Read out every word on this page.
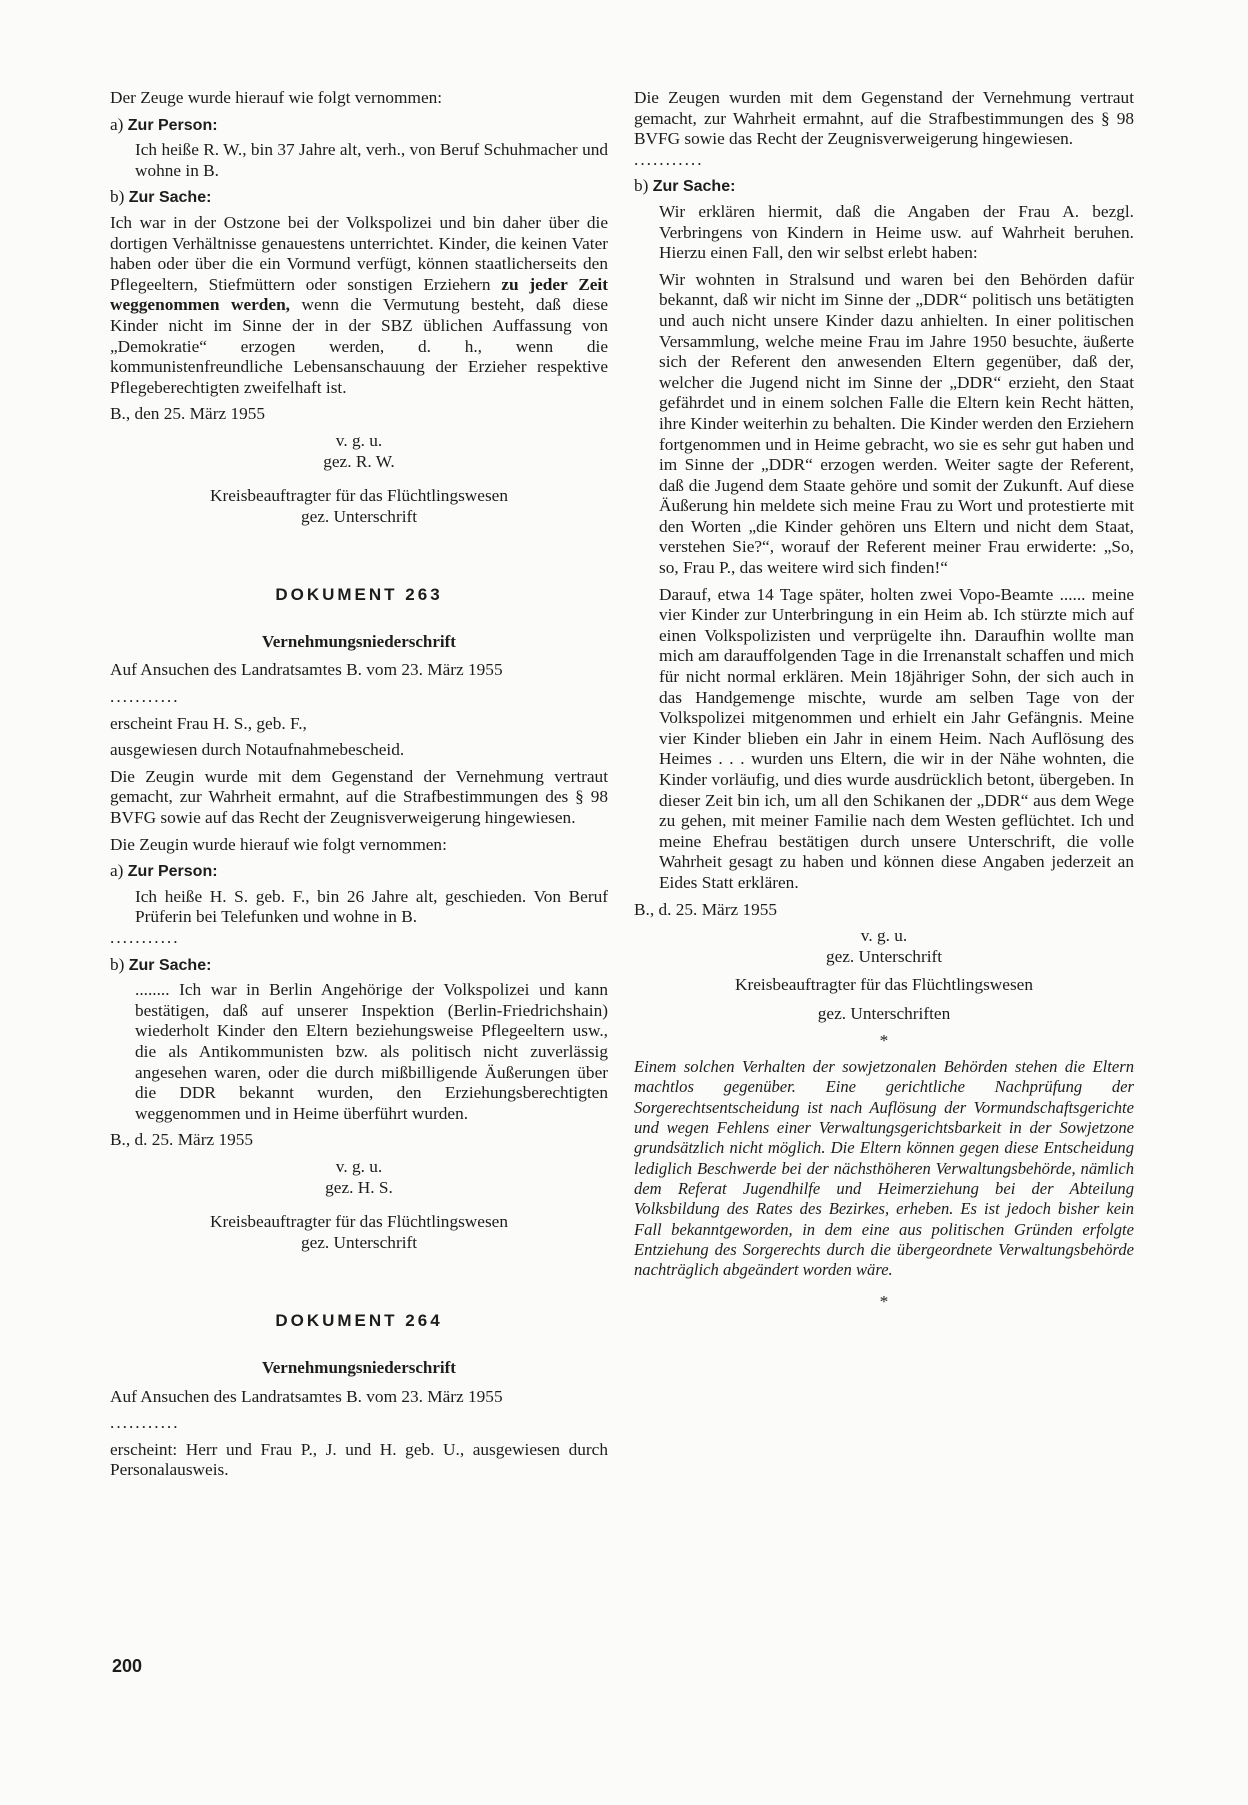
Der Zeuge wurde hierauf wie folgt vernommen:

a) Zur Person:

Ich heiße R. W., bin 37 Jahre alt, verh., von Beruf Schuhmacher und wohne in B.

b) Zur Sache:

Ich war in der Ostzone bei der Volkspolizei und bin daher über die dortigen Verhältnisse genauestens unterrichtet. Kinder, die keinen Vater haben oder über die ein Vormund verfügt, können staatlicherseits den Pflegeeltern, Stiefmüttern oder sonstigen Erziehern zu jeder Zeit weggenommen werden, wenn die Vermutung besteht, daß diese Kinder nicht im Sinne der in der SBZ üblichen Auffassung von „Demokratie“ erzogen werden, d. h., wenn die kommunistenfreundliche Lebensanschauung der Erzieher respektive Pflegeberechtigten zweifelhaft ist.

B., den 25. März 1955

v. g. u.

gez. R. W.

Kreisbeauftragter für das Flüchtlingswesen

gez. Unterschrift

DOKUMENT 263

Vernehmungsniederschrift

Auf Ansuchen des Landratsamtes B. vom 23. März 1955

...........

erscheint Frau H. S., geb. F.,

ausgewiesen durch Notaufnahmebescheid.

Die Zeugin wurde mit dem Gegenstand der Vernehmung vertraut gemacht, zur Wahrheit ermahnt, auf die Strafbestimmungen des § 98 BVFG sowie auf das Recht der Zeugnisverweigerung hingewiesen.

Die Zeugin wurde hierauf wie folgt vernommen:

a) Zur Person:

Ich heiße H. S. geb. F., bin 26 Jahre alt, geschieden. Von Beruf Prüferin bei Telefunken und wohne in B.

...........

b) Zur Sache:

........ Ich war in Berlin Angehörige der Volkspolizei und kann bestätigen, daß auf unserer Inspektion (Berlin-Friedrichshain) wiederholt Kinder den Eltern beziehungsweise Pflegeeltern usw., die als Antikommunisten bzw. als politisch nicht zuverlässig angesehen waren, oder die durch mißbilligende Äußerungen über die DDR bekannt wurden, den Erziehungsberechtigten weggenommen und in Heime überführt wurden.

B., d. 25. März 1955

v. g. u.

gez. H. S.

Kreisbeauftragter für das Flüchtlingswesen

gez. Unterschrift

DOKUMENT 264

Vernehmungsniederschrift

Auf Ansuchen des Landratsamtes B. vom 23. März 1955

...........

erscheint: Herr und Frau P., J. und H. geb. U., ausgewiesen durch Personalausweis.

Die Zeugen wurden mit dem Gegenstand der Vernehmung vertraut gemacht, zur Wahrheit ermahnt, auf die Strafbestimmungen des § 98 BVFG sowie das Recht der Zeugnisverweigerung hingewiesen.

...........

b) Zur Sache:

Wir erklären hiermit, daß die Angaben der Frau A. bezgl. Verbringens von Kindern in Heime usw. auf Wahrheit beruhen. Hierzu einen Fall, den wir selbst erlebt haben:

Wir wohnten in Stralsund und waren bei den Behörden dafür bekannt, daß wir nicht im Sinne der „DDR“ politisch uns betätigten und auch nicht unsere Kinder dazu anhielten. In einer politischen Versammlung, welche meine Frau im Jahre 1950 besuchte, äußerte sich der Referent den anwesenden Eltern gegenüber, daß der, welcher die Jugend nicht im Sinne der „DDR“ erzieht, den Staat gefährdet und in einem solchen Falle die Eltern kein Recht hätten, ihre Kinder weiterhin zu behalten. Die Kinder werden den Erziehern fortgenommen und in Heime gebracht, wo sie es sehr gut haben und im Sinne der „DDR“ erzogen werden. Weiter sagte der Referent, daß die Jugend dem Staate gehöre und somit der Zukunft. Auf diese Äußerung hin meldete sich meine Frau zu Wort und protestierte mit den Worten „die Kinder gehören uns Eltern und nicht dem Staat, verstehen Sie?“, worauf der Referent meiner Frau erwiderte: „So, so, Frau P., das weitere wird sich finden!“

Darauf, etwa 14 Tage später, holten zwei Vopo-Beamte ...... meine vier Kinder zur Unterbringung in ein Heim ab. Ich stürzte mich auf einen Volkspolizisten und verprügelte ihn. Daraufhin wollte man mich am darauffolgenden Tage in die Irrenanstalt schaffen und mich für nicht normal erklären. Mein 18jähriger Sohn, der sich auch in das Handgemenge mischte, wurde am selben Tage von der Volkspolizei mitgenommen und erhielt ein Jahr Gefängnis. Meine vier Kinder blieben ein Jahr in einem Heim. Nach Auflösung des Heimes . . . wurden uns Eltern, die wir in der Nähe wohnten, die Kinder vorläufig, und dies wurde ausdrücklich betont, übergeben. In dieser Zeit bin ich, um all den Schikanen der „DDR“ aus dem Wege zu gehen, mit meiner Familie nach dem Westen geflüchtet. Ich und meine Ehefrau bestätigen durch unsere Unterschrift, die volle Wahrheit gesagt zu haben und können diese Angaben jederzeit an Eides Statt erklären.

B., d. 25. März 1955

v. g. u.

gez. Unterschrift

Kreisbeauftragter für das Flüchtlingswesen

gez. Unterschriften

*

Einem solchen Verhalten der sowjetzonalen Behörden stehen die Eltern machtlos gegenüber. Eine gerichtliche Nachprüfung der Sorgerechtsentscheidung ist nach Auflösung der Vormundschaftsgerichte und wegen Fehlens einer Verwaltungsgerichtsbarkeit in der Sowjetzone grundsätzlich nicht möglich. Die Eltern können gegen diese Entscheidung lediglich Beschwerde bei der nächsthöheren Verwaltungsbehörde, nämlich dem Referat Jugendhilfe und Heimerziehung bei der Abteilung Volksbildung des Rates des Bezirkes, erheben. Es ist jedoch bisher kein Fall bekanntgeworden, in dem eine aus politischen Gründen erfolgte Entziehung des Sorgerechts durch die übergeordnete Verwaltungsbehörde nachträglich abgeändert worden wäre.

*

200
